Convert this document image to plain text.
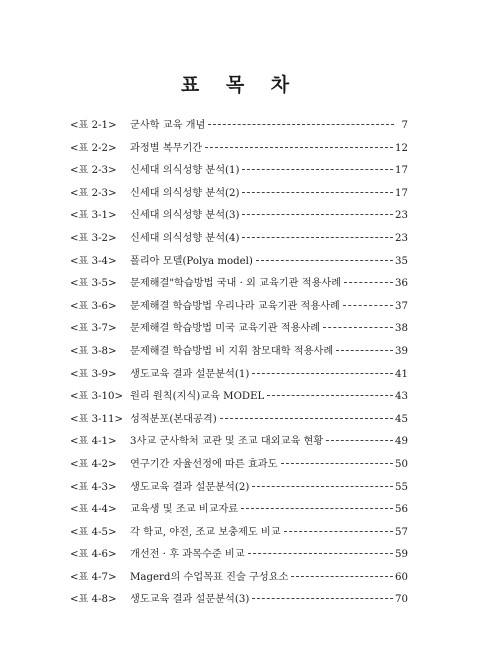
표 목 차
<표 2-1>	군사학 교육 개념	7
<표 2-2>	과정별 복무기간	12
<표 2-3>	신세대 의식성향 분석(1)	17
<표 2-3>	신세대 의식성향 분석(2)	17
<표 3-1>	신세대 의식성향 분석(3)	23
<표 3-2>	신세대 의식성향 분석(4)	23
<표 3-4>	폴리아 모델(Polya model)	35
<표 3-5>	문제해결"학습방법 국내 · 외 교육기관 적용사례	36
<표 3-6>	문제해결 학습방법 우리나라 교육기관 적용사례	37
<표 3-7>	문제해결 학습방법 미국 교육기관 적용사례	38
<표 3-8>	문제해결 학습방법 비 지휘 참모대학 적용사례	39
<표 3-9>	생도교육 결과 설문분석(1)	41
<표 3-10> 원리 원칙(지식)교육 MODEL	43
<표 3-11> 성적분포(본대공격)	45
<표 4-1>	3사교 군사학처 교관 및 조교 대외교육 현황	49
<표 4-2>	연구기간 자율선정에 따른 효과도	50
<표 4-3>	생도교육 결과 설문분석(2)	55
<표 4-4>	교육생 및 조교 비교자료	56
<표 4-5>	각 학교, 야전, 조교 보충제도 비교	57
<표 4-6>	개선전 · 후 과목수준 비교	59
<표 4-7>	Magerd의 수업목표 진술 구성요소	60
<표 4-8>	생도교육 결과 설문분석(3)	70
